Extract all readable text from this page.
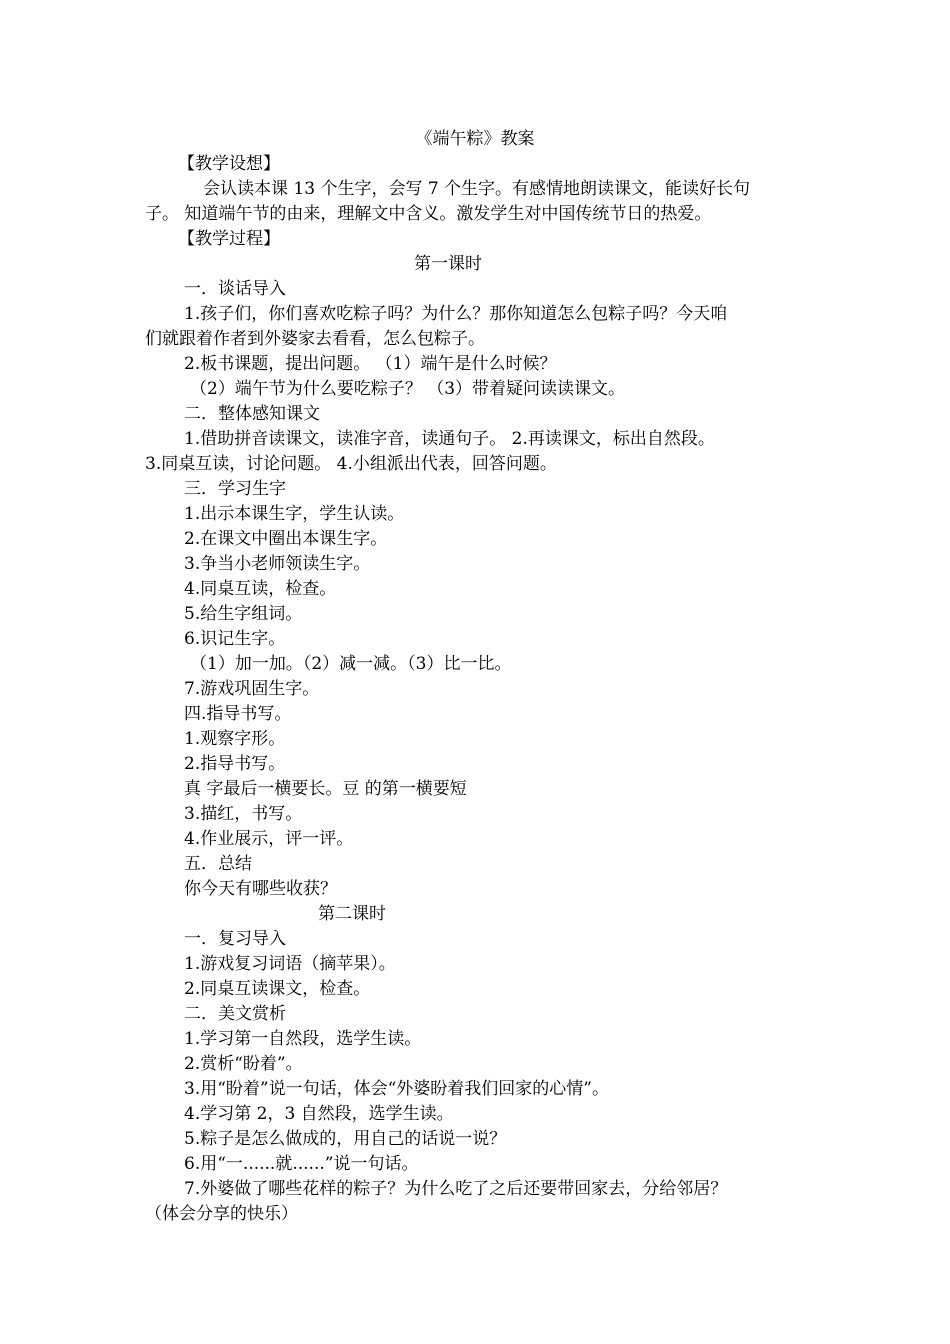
《端午粽》教案
【教学设想】
会认读本课 13 个生字，会写 7 个生字。有感情地朗读课文，能读好长句
子。 知道端午节的由来，理解文中含义。激发学生对中国传统节日的热爱。
【教学过程】
第一课时
一．谈话导入
1.孩子们，你们喜欢吃粽子吗？为什么？那你知道怎么包粽子吗？今天咱
们就跟着作者到外婆家去看看，怎么包粽子。
2.板书课题，提出问题。 （1）端午是什么时候？
（2）端午节为什么要吃粽子？ （3）带着疑问读读课文。
二．整体感知课文
1.借助拼音读课文，读准字音，读通句子。 2.再读课文，标出自然段。
3.同桌互读，讨论问题。 4.小组派出代表，回答问题。
三．学习生字
1.出示本课生字，学生认读。
2.在课文中圈出本课生字。
3.争当小老师领读生字。
4.同桌互读，检查。
5.给生字组词。
6.识记生字。
（1）加一加。（2）减一减。（3）比一比。
7.游戏巩固生字。
四.指导书写。
1.观察字形。
2.指导书写。
真 字最后一横要长。豆 的第一横要短
3.描红，书写。
4.作业展示，评一评。
五．总结
你今天有哪些收获？
第二课时
一．复习导入
1.游戏复习词语（摘苹果）。
2.同桌互读课文，检查。
二．美文赏析
1.学习第一自然段，选学生读。
2.赏析“盼着”。
3.用“盼着”说一句话，体会“外婆盼着我们回家的心情”。
4.学习第 2，3 自然段，选学生读。
5.粽子是怎么做成的，用自己的话说一说？
6.用“一......就......”说一句话。
7.外婆做了哪些花样的粽子？为什么吃了之后还要带回家去，分给邻居？
（体会分享的快乐）
